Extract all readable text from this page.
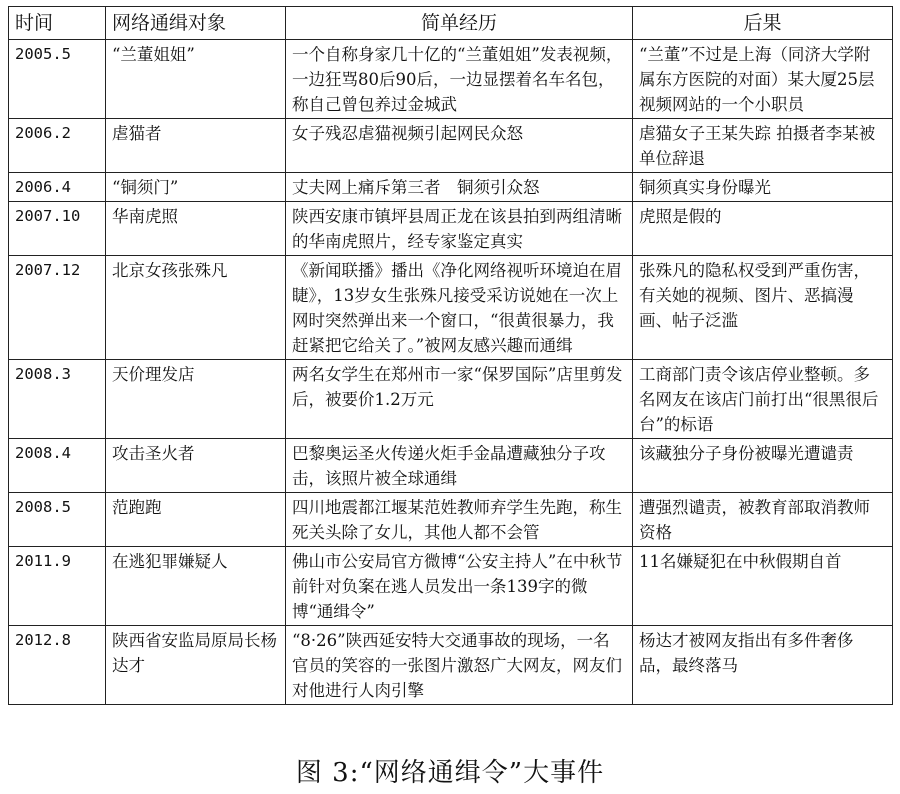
时间	网络通缉对象	简单经历	后果
2005.5	“兰董姐姐”	一个自称身家几十亿的“兰董姐姐”发表视频，一边狂骂80后90后，一边显摆着名车名包，称自己曾包养过金城武	“兰董”不过是上海（同济大学附属东方医院的对面）某大厦25层视频网站的一个小职员
2006.2	虐猫者	女子残忍虐猫视频引起网民众怒	虐猫女子王某失踪 拍摄者李某被单位辞退
2006.4	“铜须门”	丈夫网上痛斥第三者　铜须引众怒	铜须真实身份曝光
2007.10	华南虎照	陕西安康市镇坪县周正龙在该县拍到两组清晰的华南虎照片，经专家鉴定真实	虎照是假的
2007.12	北京女孩张殊凡	《新闻联播》播出《净化网络视听环境迫在眉睫》，13岁女生张殊凡接受采访说她在一次上网时突然弹出来一个窗口，“很黄很暴力，我赶紧把它给关了。”被网友感兴趣而通缉	张殊凡的隐私权受到严重伤害，有关她的视频、图片、恶搞漫画、帖子泛滥
2008.3	天价理发店	两名女学生在郑州市一家“保罗国际”店里剪发后，被要价1.2万元	工商部门责令该店停业整顿。多名网友在该店门前打出“很黑很后台”的标语
2008.4	攻击圣火者	巴黎奥运圣火传递火炬手金晶遭藏独分子攻击，该照片被全球通缉	该藏独分子身份被曝光遭谴责
2008.5	范跑跑	四川地震都江堰某范姓教师弃学生先跑，称生死关头除了女儿，其他人都不会管	遭强烈谴责，被教育部取消教师资格
2011.9	在逃犯罪嫌疑人	佛山市公安局官方微博“公安主持人”在中秋节前针对负案在逃人员发出一条139字的微博“通缉令”	11名嫌疑犯在中秋假期自首
2012.8	陕西省安监局原局长杨达才	“8·26”陕西延安特大交通事故的现场，一名官员的笑容的一张图片激怒广大网友，网友们对他进行人肉引擎	杨达才被网友指出有多件奢侈品，最终落马
图 3:“网络通缉令”大事件
